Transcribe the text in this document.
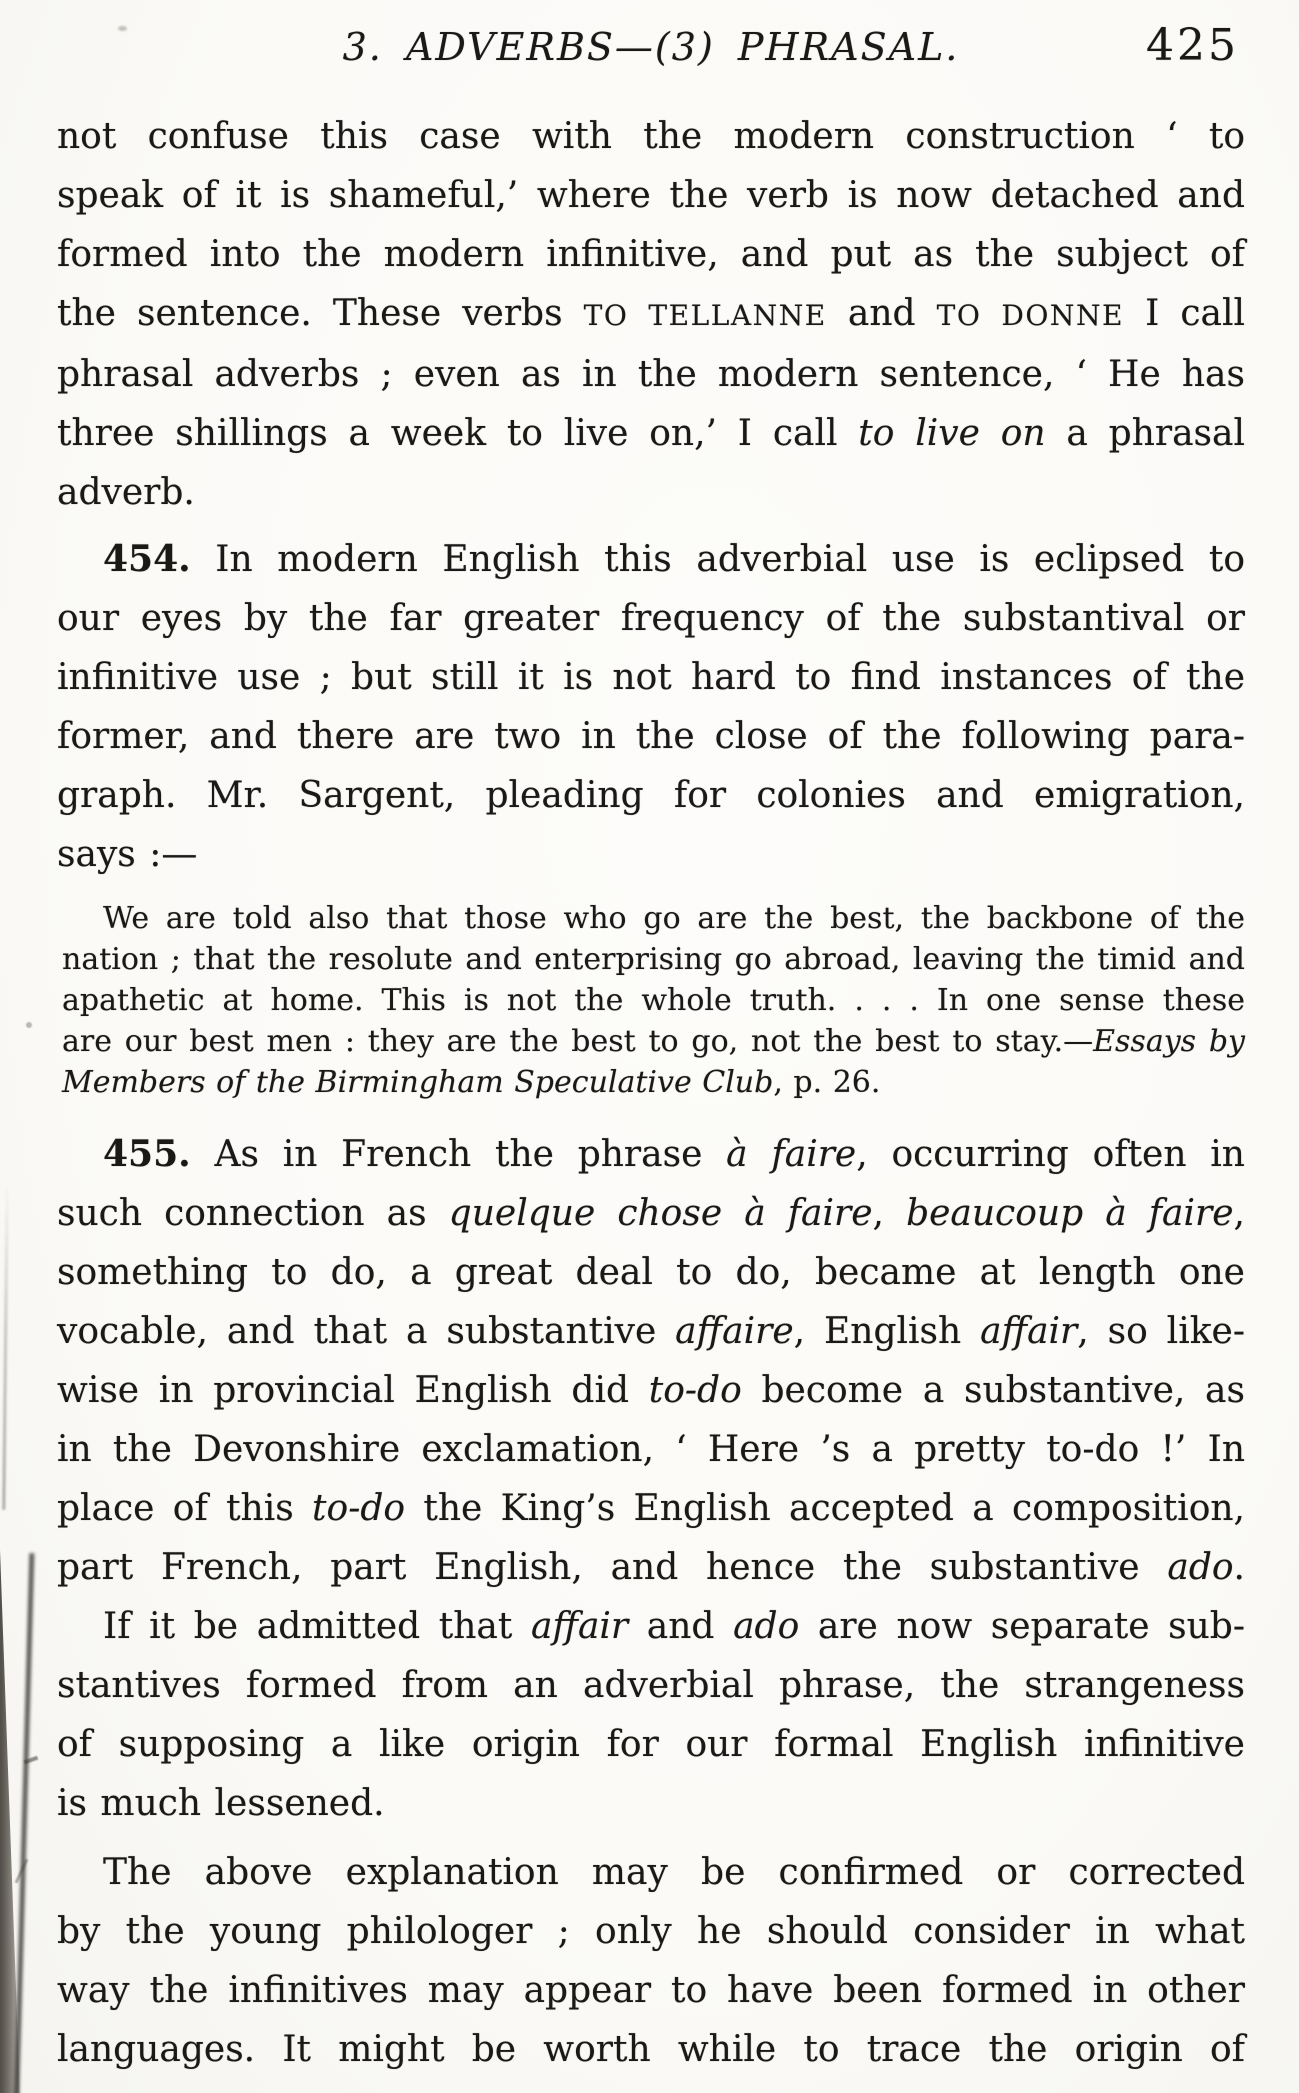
3. ADVERBS—(3) PHRASAL.	425
not confuse this case with the modern construction ‘ to
speak of it is shameful,’ where the verb is now detached and
formed into the modern infinitive, and put as the subject of
the sentence. These verbs TO TELLANNE and TO DONNE I call
phrasal adverbs ; even as in the modern sentence, ‘ He has
three shillings a week to live on,’ I call to live on a phrasal
adverb.
454. In modern English this adverbial use is eclipsed to
our eyes by the far greater frequency of the substantival or
infinitive use ; but still it is not hard to find instances of the
former, and there are two in the close of the following para-
graph. Mr. Sargent, pleading for colonies and emigration,
says :—
We are told also that those who go are the best, the backbone of the
nation ; that the resolute and enterprising go abroad, leaving the timid and
apathetic at home. This is not the whole truth. . . . In one sense these
are our best men : they are the best to go, not the best to stay.—Essays by
Members of the Birmingham Speculative Club, p. 26.
455. As in French the phrase à faire, occurring often in
such connection as quelque chose à faire, beaucoup à faire,
something to do, a great deal to do, became at length one
vocable, and that a substantive affaire, English affair, so like-
wise in provincial English did to-do become a substantive, as
in the Devonshire exclamation, ‘ Here ’s a pretty to-do !’ In
place of this to-do the King’s English accepted a composition,
part French, part English, and hence the substantive ado.
If it be admitted that affair and ado are now separate sub-
stantives formed from an adverbial phrase, the strangeness
of supposing a like origin for our formal English infinitive
is much lessened.
The above explanation may be confirmed or corrected
by the young philologer ; only he should consider in what
way the infinitives may appear to have been formed in other
languages. It might be worth while to trace the origin of
